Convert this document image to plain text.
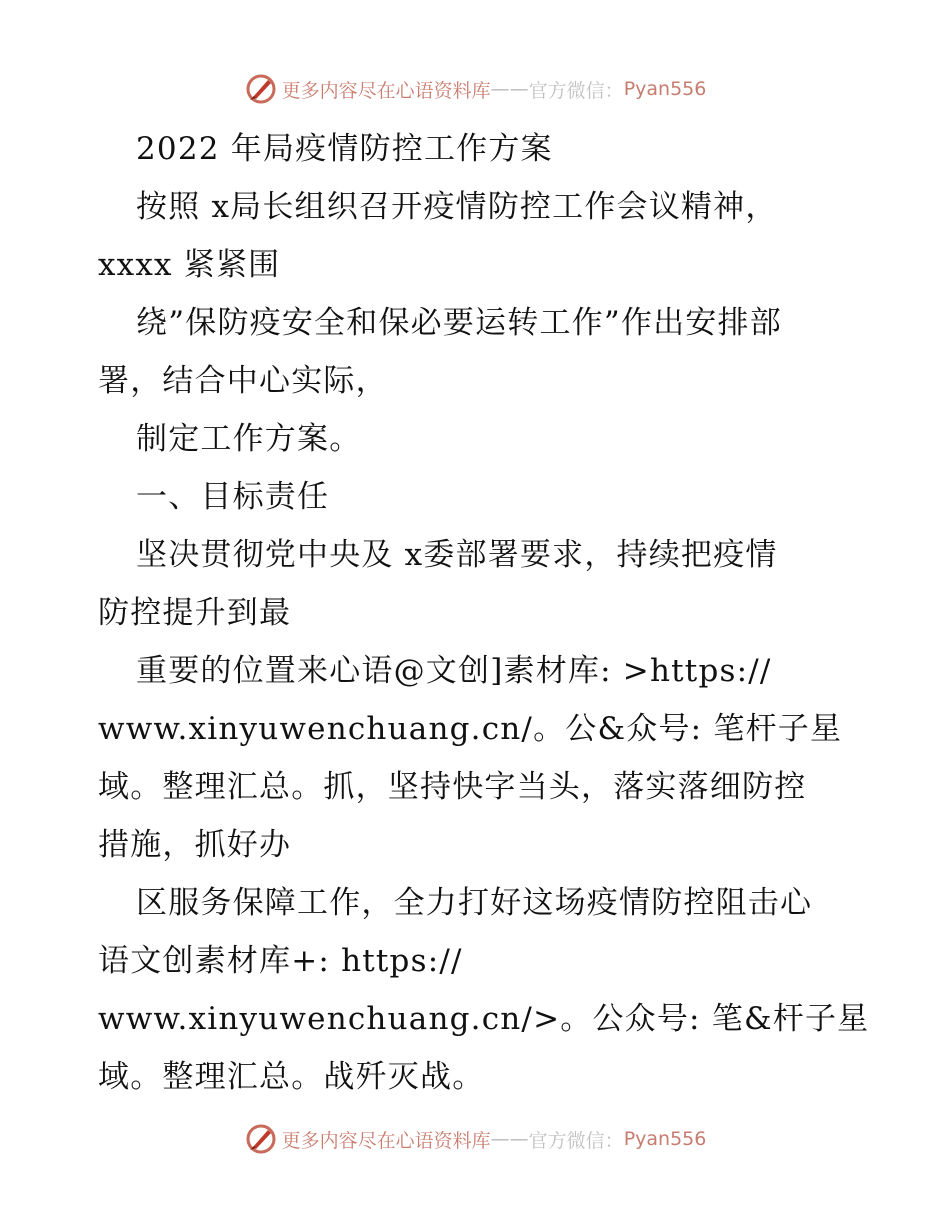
更多内容尽在心语资料库 —— 官方微信： Pyan556
2022 年局疫情防控工作方案
按照 x局长组织召开疫情防控工作会议精神，
xxxx 紧紧围
绕”保防疫安全和保必要运转工作”作出安排部
署，结合中心实际，
制定工作方案。
一、目标责任
坚决贯彻党中央及 x委部署要求，持续把疫情
防控提升到最
重要的位置来心语@文创]素材库: >https://
www.xinyuwenchuang.cn/。公&众号: 笔杆子星
域。整理汇总。抓，坚持快字当头，落实落细防控
措施，抓好办
区服务保障工作，全力打好这场疫情防控阻击心
语文创素材库+: https://
www.xinyuwenchuang.cn/>。公众号: 笔&杆子星
域。整理汇总。战歼灭战。
更多内容尽在心语资料库 —— 官方微信： Pyan556
